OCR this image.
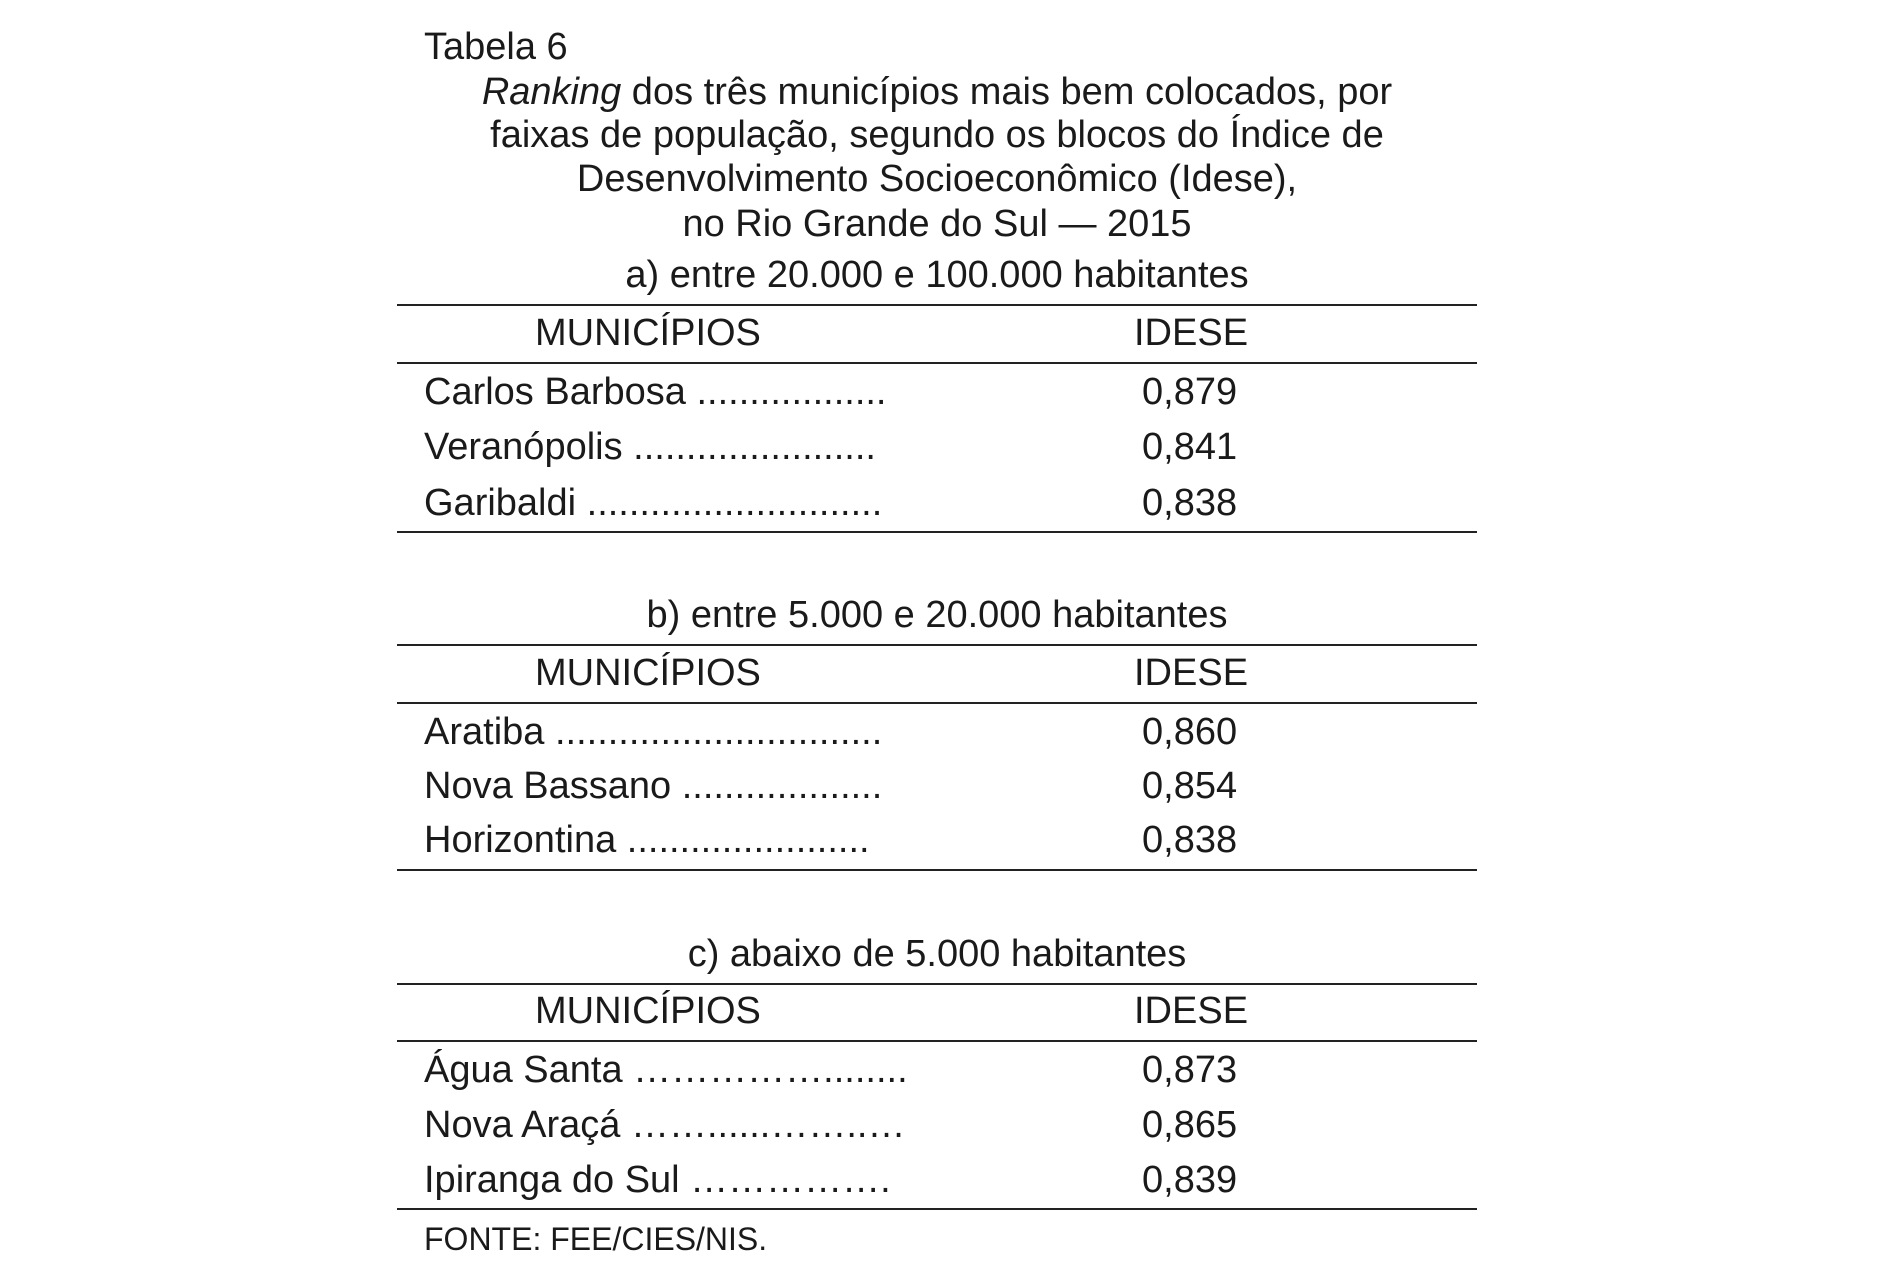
Tabela 6
Ranking dos três municípios mais bem colocados, por
faixas de população, segundo os blocos do Índice de
Desenvolvimento Socioeconômico (Idese),
no Rio Grande do Sul — 2015
a) entre 20.000 e 100.000 habitantes
MUNICÍPIOS	IDESE
Carlos Barbosa ..................	0,879
Veranópolis .......................	0,841
Garibaldi ............................	0,838
b) entre 5.000 e 20.000 habitantes
MUNICÍPIOS	IDESE
Aratiba ...............................	0,860
Nova Bassano ...................	0,854
Horizontina .......................	0,838
c) abaixo de 5.000 habitantes
MUNICÍPIOS	IDESE
Água Santa ……………........	0,873
Nova Araçá ……......……..…	0,865
Ipiranga do Sul …………….	0,839
FONTE: FEE/CIES/NIS.
